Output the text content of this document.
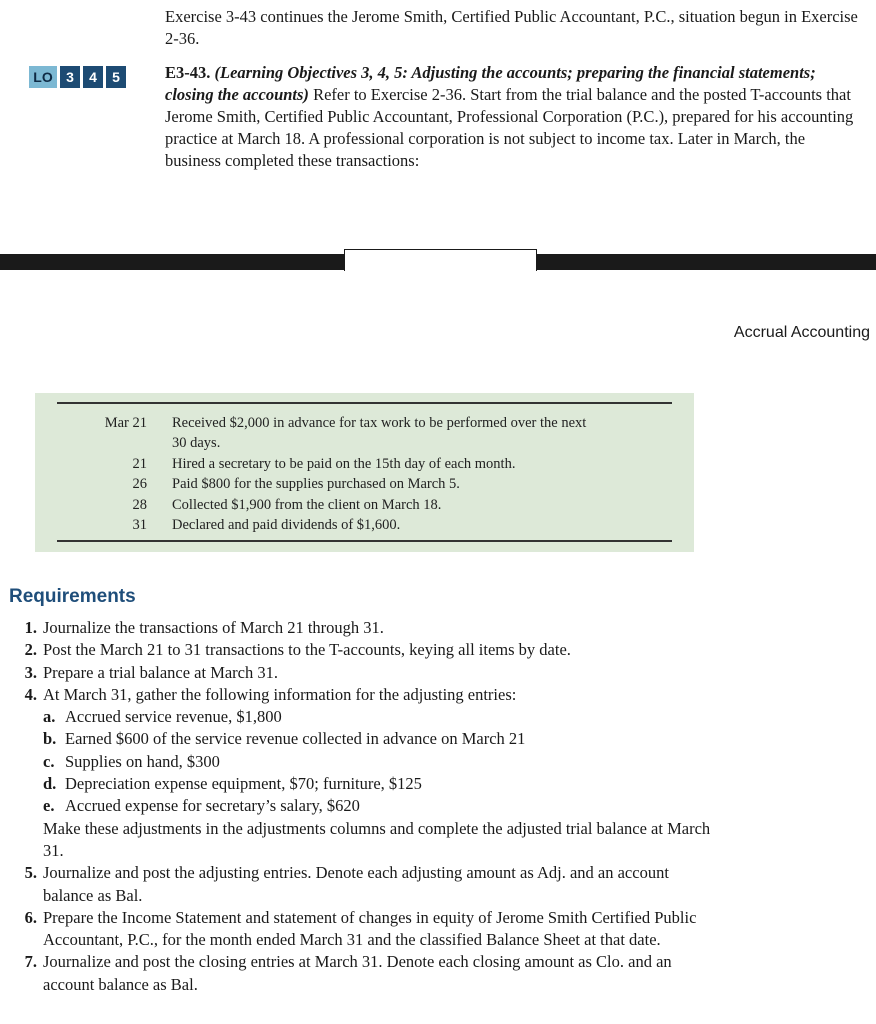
Exercise 3-43 continues the Jerome Smith, Certified Public Accountant, P.C., situation begun in Exercise 2-36.
LO 3	4	5	E3-43. (Learning Objectives 3, 4, 5: Adjusting the accounts; preparing the financial statements; closing the accounts) Refer to Exercise 2-36. Start from the trial balance and the posted T-accounts that Jerome Smith, Certified Public Accountant, Professional Corporation (P.C.), prepared for his accounting practice at March 18. A professional corporation is not subject to income tax. Later in March, the business completed these transactions:
Accrual Accounting
Mar 21	Received $2,000 in advance for tax work to be performed over the next 30 days.
21	Hired a secretary to be paid on the 15th day of each month.
26	Paid $800 for the supplies purchased on March 5.
28	Collected $1,900 from the client on March 18.
31	Declared and paid dividends of $1,600.
Requirements
1. Journalize the transactions of March 21 through 31.
2. Post the March 21 to 31 transactions to the T-accounts, keying all items by date.
3. Prepare a trial balance at March 31.
4. At March 31, gather the following information for the adjusting entries:
a. Accrued service revenue, $1,800
b. Earned $600 of the service revenue collected in advance on March 21
c. Supplies on hand, $300
d. Depreciation expense equipment, $70; furniture, $125
e. Accrued expense for secretary’s salary, $620
Make these adjustments in the adjustments columns and complete the adjusted trial balance at March 31.
5. Journalize and post the adjusting entries. Denote each adjusting amount as Adj. and an account balance as Bal.
6. Prepare the Income Statement and statement of changes in equity of Jerome Smith Certified Public Accountant, P.C., for the month ended March 31 and the classified Balance Sheet at that date.
7. Journalize and post the closing entries at March 31. Denote each closing amount as Clo. and an account balance as Bal.
